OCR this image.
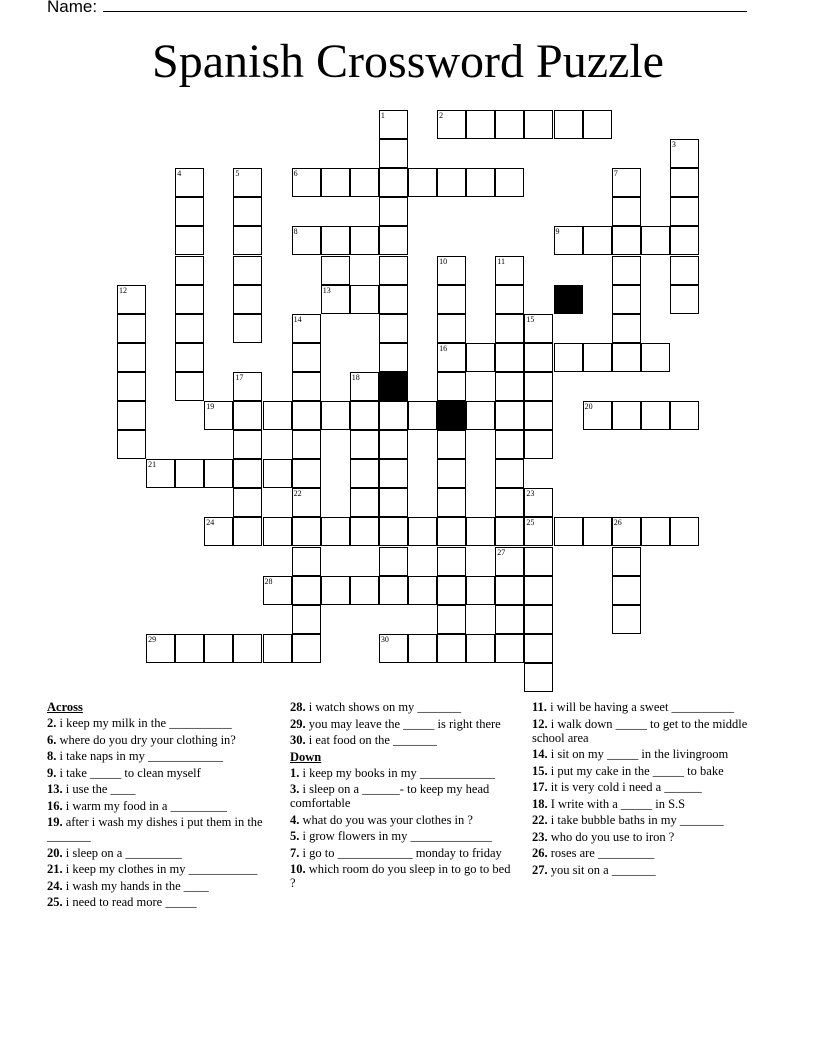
Name:
Spanish Crossword Puzzle
2
6
8	9
13
16
19	20
21
24	25	26
28
29	30
1
3
4	5	7
10	11
12
14
22
15
17	18
23
27
Across
2. i keep my milk in the __________
6. where do you dry your clothing in?
8. i take naps in my ____________
9. i take _____ to clean myself
13. i use the ____
16. i warm my food in a _________
19. after i wash my dishes i put them in the _______
20. i sleep on a _________
21. i keep my clothes in my ___________
24. i wash my hands in the ____
25. i need to read more _____
28. i watch shows on my _______
29. you may leave the _____ is right there
30. i eat food on the _______
Down
1. i keep my books in my ____________
3. i sleep on a ______- to keep my head comfortable
4. what do you was your clothes in ?
5. i grow flowers in my _____________
7. i go to ____________ monday to friday
10. which room do you sleep in to go to bed ?
11. i will be having a sweet __________
12. i walk down _____ to get to the middle school area
14. i sit on my _____ in the livingroom
15. i put my cake in the _____ to bake
17. it is very cold i need a ______
18. I write with a _____ in S.S
22. i take bubble baths in my _______
23. who do you use to iron ?
26. roses are _________
27. you sit on a _______
